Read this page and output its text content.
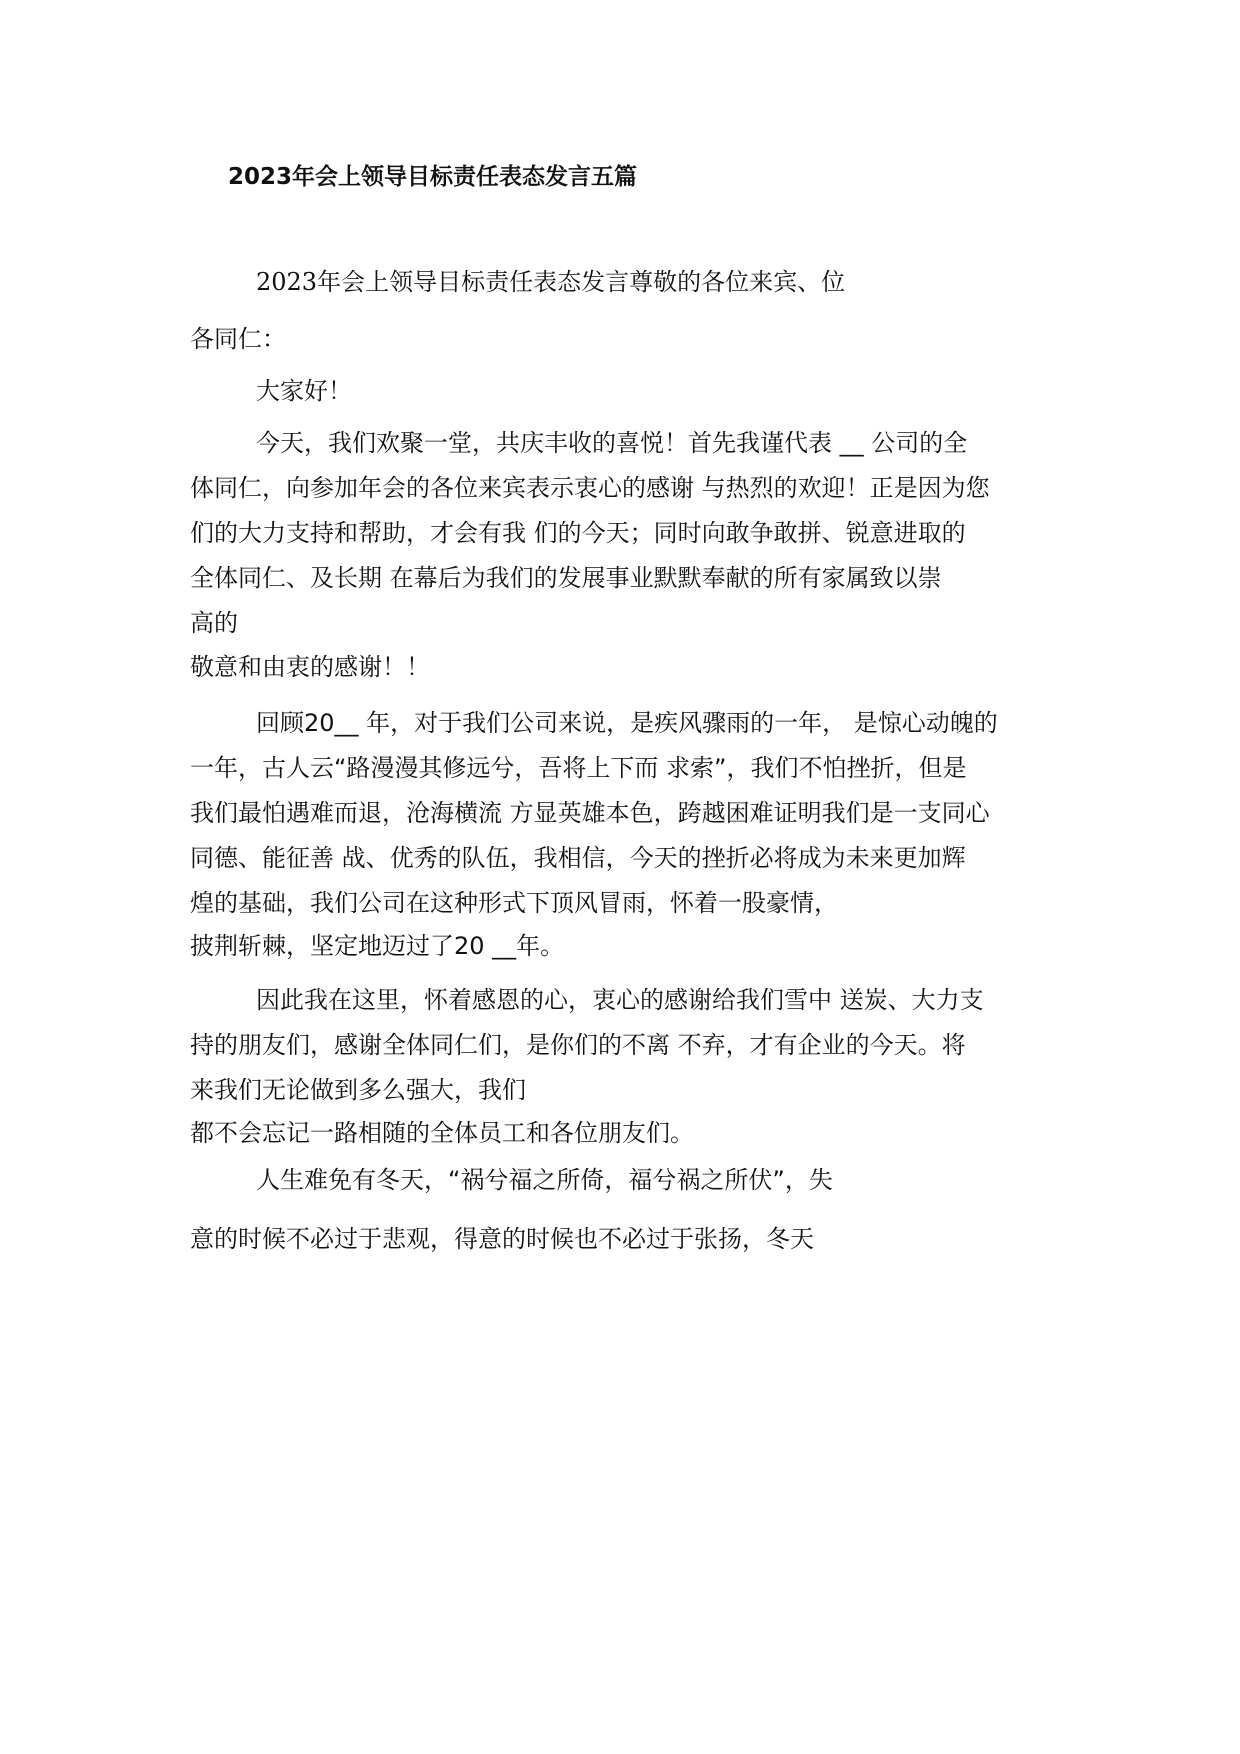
2023年会上领导目标责任表态发言五篇

2023年会上领导目标责任表态发言尊敬的各位来宾、位

各同仁：

大家好！

今天，我们欢聚一堂，共庆丰收的喜悦！首先我谨代表 __ 公司的全

体同仁，向参加年会的各位来宾表示衷心的感谢 与热烈的欢迎！正是因为您

们的大力支持和帮助，才会有我 们的今天；同时向敢争敢拼、锐意进取的

全体同仁、及长期 在幕后为我们的发展事业默默奉献的所有家属致以崇

高的

敬意和由衷的感谢！！

回顾20__ 年，对于我们公司来说，是疾风骤雨的一年， 是惊心动魄的

一年，古人云“路漫漫其修远兮，吾将上下而 求索”，我们不怕挫折，但是

我们最怕遇难而退，沧海横流 方显英雄本色，跨越困难证明我们是一支同心

同德、能征善 战、优秀的队伍，我相信，今天的挫折必将成为未来更加辉

煌的基础，我们公司在这种形式下顶风冒雨，怀着一股豪情，

披荆斩棘，坚定地迈过了20 __年。

因此我在这里，怀着感恩的心，衷心的感谢给我们雪中 送炭、大力支

持的朋友们，感谢全体同仁们，是你们的不离 不弃，才有企业的今天。将

来我们无论做到多么强大，我们

都不会忘记一路相随的全体员工和各位朋友们。

人生难免有冬天，“祸兮福之所倚，福兮祸之所伏”，失

意的时候不必过于悲观，得意的时候也不必过于张扬，冬天
